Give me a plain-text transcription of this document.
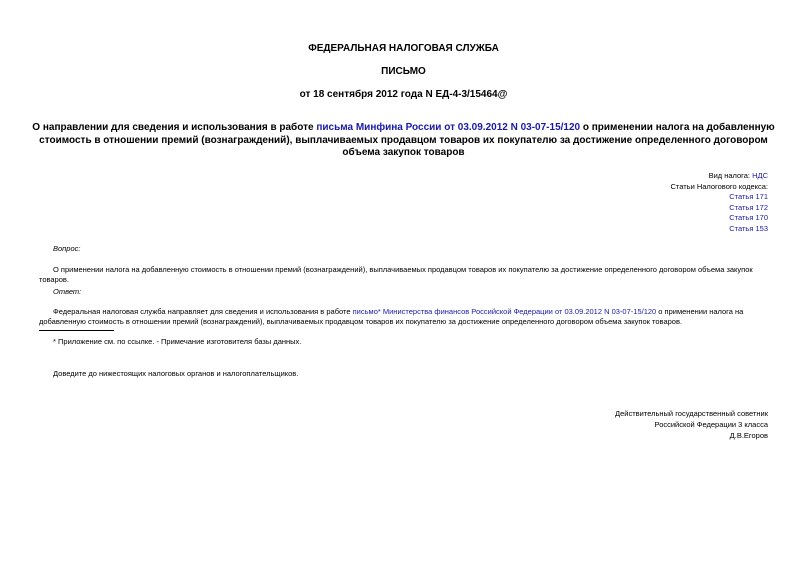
ФЕДЕРАЛЬНАЯ НАЛОГОВАЯ СЛУЖБА
ПИСЬМО
от 18 сентября 2012 года N ЕД-4-3/15464@
О направлении для сведения и использования в работе письма Минфина России от 03.09.2012 N 03-07-15/120 о применении налога на добавленную стоимость в отношении премий (вознаграждений), выплачиваемых продавцом товаров их покупателю за достижение определенного договором объема закупок товаров
Вид налога: НДС
Статьи Налогового кодекса:
Статья 171
Статья 172
Статья 170
Статья 153
Вопрос:
О применении налога на добавленную стоимость в отношении премий (вознаграждений), выплачиваемых продавцом товаров их покупателю за достижение определенного договором объема закупок товаров.
Ответ:
Федеральная налоговая служба направляет для сведения и использования в работе письмо* Министерства финансов Российской Федерации от 03.09.2012 N 03-07-15/120 о применении налога на добавленную стоимость в отношении премий (вознаграждений), выплачиваемых продавцом товаров их покупателю за достижение определенного договором объема закупок товаров.
* Приложение см. по ссылке. - Примечание изготовителя базы данных.
Доведите до нижестоящих налоговых органов и налогоплательщиков.
Действительный государственный советник
Российской Федерации 3 класса
Д.В.Егоров
